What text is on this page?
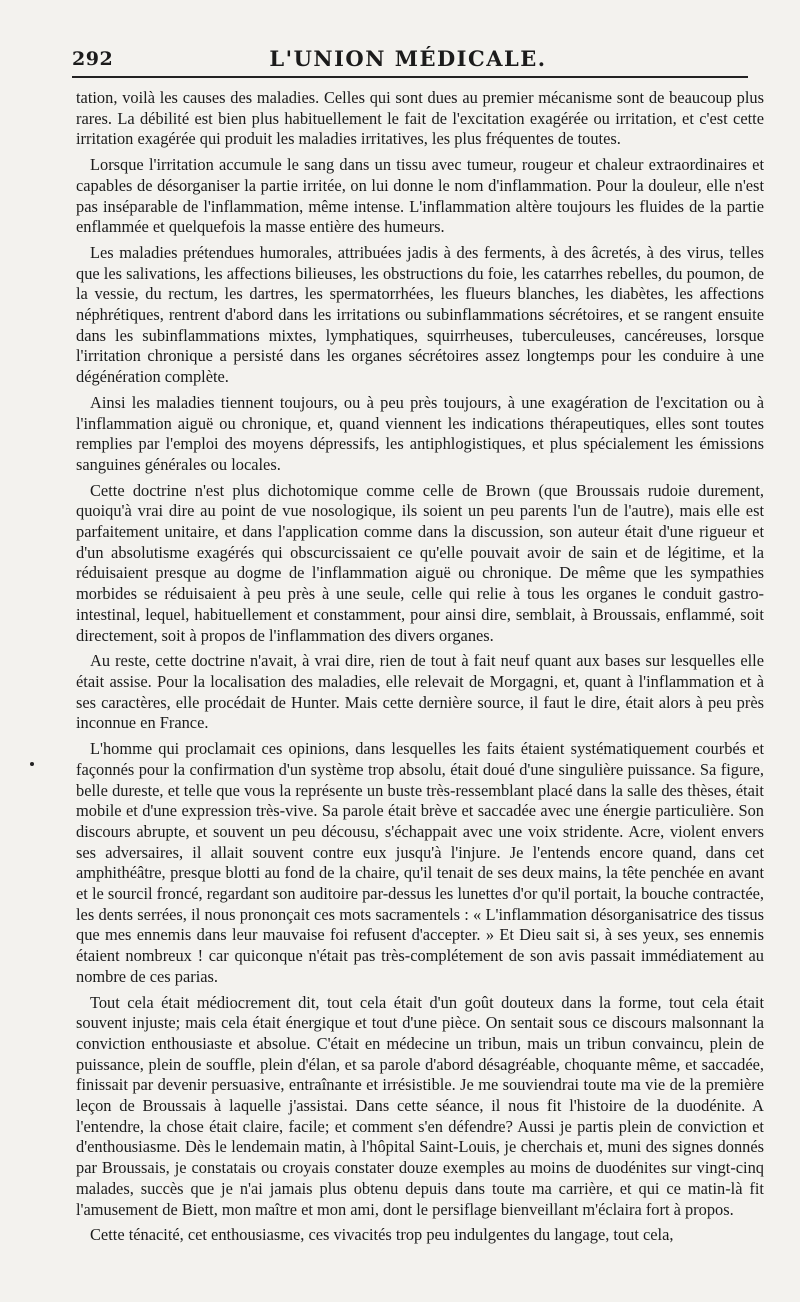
292	L'UNION MÉDICALE.

tation, voilà les causes des maladies. Celles qui sont dues au premier mécanisme sont de beaucoup plus rares. La débilité est bien plus habituellement le fait de l'excitation exagérée ou irritation, et c'est cette irritation exagérée qui produit les maladies irritatives, les plus fréquentes de toutes.

Lorsque l'irritation accumule le sang dans un tissu avec tumeur, rougeur et chaleur extraordinaires et capables de désorganiser la partie irritée, on lui donne le nom d'inflammation. Pour la douleur, elle n'est pas inséparable de l'inflammation, même intense. L'inflammation altère toujours les fluides de la partie enflammée et quelquefois la masse entière des humeurs.

Les maladies prétendues humorales, attribuées jadis à des ferments, à des âcretés, à des virus, telles que les salivations, les affections bilieuses, les obstructions du foie, les catarrhes rebelles, du poumon, de la vessie, du rectum, les dartres, les spermatorrhées, les flueurs blanches, les diabètes, les affections néphrétiques, rentrent d'abord dans les irritations ou subinflammations sécrétoires, et se rangent ensuite dans les subinflammations mixtes, lymphatiques, squirrheuses, tuberculeuses, cancéreuses, lorsque l'irritation chronique a persisté dans les organes sécrétoires assez longtemps pour les conduire à une dégénération complète.

Ainsi les maladies tiennent toujours, ou à peu près toujours, à une exagération de l'excitation ou à l'inflammation aiguë ou chronique, et, quand viennent les indications thérapeutiques, elles sont toutes remplies par l'emploi des moyens dépressifs, les antiphlogistiques, et plus spécialement les émissions sanguines générales ou locales.

Cette doctrine n'est plus dichotomique comme celle de Brown (que Broussais rudoie durement, quoiqu'à vrai dire au point de vue nosologique, ils soient un peu parents l'un de l'autre), mais elle est parfaitement unitaire, et dans l'application comme dans la discussion, son auteur était d'une rigueur et d'un absolutisme exagérés qui obscurcissaient ce qu'elle pouvait avoir de sain et de légitime, et la réduisaient presque au dogme de l'inflammation aiguë ou chronique. De même que les sympathies morbides se réduisaient à peu près à une seule, celle qui relie à tous les organes le conduit gastro-intestinal, lequel, habituellement et constamment, pour ainsi dire, semblait, à Broussais, enflammé, soit directement, soit à propos de l'inflammation des divers organes.

Au reste, cette doctrine n'avait, à vrai dire, rien de tout à fait neuf quant aux bases sur lesquelles elle était assise. Pour la localisation des maladies, elle relevait de Morgagni, et, quant à l'inflammation et à ses caractères, elle procédait de Hunter. Mais cette dernière source, il faut le dire, était alors à peu près inconnue en France.

L'homme qui proclamait ces opinions, dans lesquelles les faits étaient systématiquement courbés et façonnés pour la confirmation d'un système trop absolu, était doué d'une singulière puissance. Sa figure, belle dureste, et telle que vous la représente un buste très-ressemblant placé dans la salle des thèses, était mobile et d'une expression très-vive. Sa parole était brève et saccadée avec une énergie particulière. Son discours abrupte, et souvent un peu décousu, s'échappait avec une voix stridente. Acre, violent envers ses adversaires, il allait souvent contre eux jusqu'à l'injure. Je l'entends encore quand, dans cet amphithéâtre, presque blotti au fond de la chaire, qu'il tenait de ses deux mains, la tête penchée en avant et le sourcil froncé, regardant son auditoire par-dessus les lunettes d'or qu'il portait, la bouche contractée, les dents serrées, il nous prononçait ces mots sacramentels : « L'inflammation désorganisatrice des tissus que mes ennemis dans leur mauvaise foi refusent d'accepter. » Et Dieu sait si, à ses yeux, ses ennemis étaient nombreux ! car quiconque n'était pas très-complétement de son avis passait immédiatement au nombre de ces parias.

Tout cela était médiocrement dit, tout cela était d'un goût douteux dans la forme, tout cela était souvent injuste; mais cela était énergique et tout d'une pièce. On sentait sous ce discours malsonnant la conviction enthousiaste et absolue. C'était en médecine un tribun, mais un tribun convaincu, plein de puissance, plein de souffle, plein d'élan, et sa parole d'abord désagréable, choquante même, et saccadée, finissait par devenir persuasive, entraînante et irrésistible. Je me souviendrai toute ma vie de la première leçon de Broussais à laquelle j'assistai. Dans cette séance, il nous fit l'histoire de la duodénite. A l'entendre, la chose était claire, facile; et comment s'en défendre? Aussi je partis plein de conviction et d'enthousiasme. Dès le lendemain matin, à l'hôpital Saint-Louis, je cherchais et, muni des signes donnés par Broussais, je constatais ou croyais constater douze exemples au moins de duodénites sur vingt-cinq malades, succès que je n'ai jamais plus obtenu depuis dans toute ma carrière, et qui ce matin-là fit l'amusement de Biett, mon maître et mon ami, dont le persiflage bienveillant m'éclaira fort à propos.

Cette ténacité, cet enthousiasme, ces vivacités trop peu indulgentes du langage, tout cela,
